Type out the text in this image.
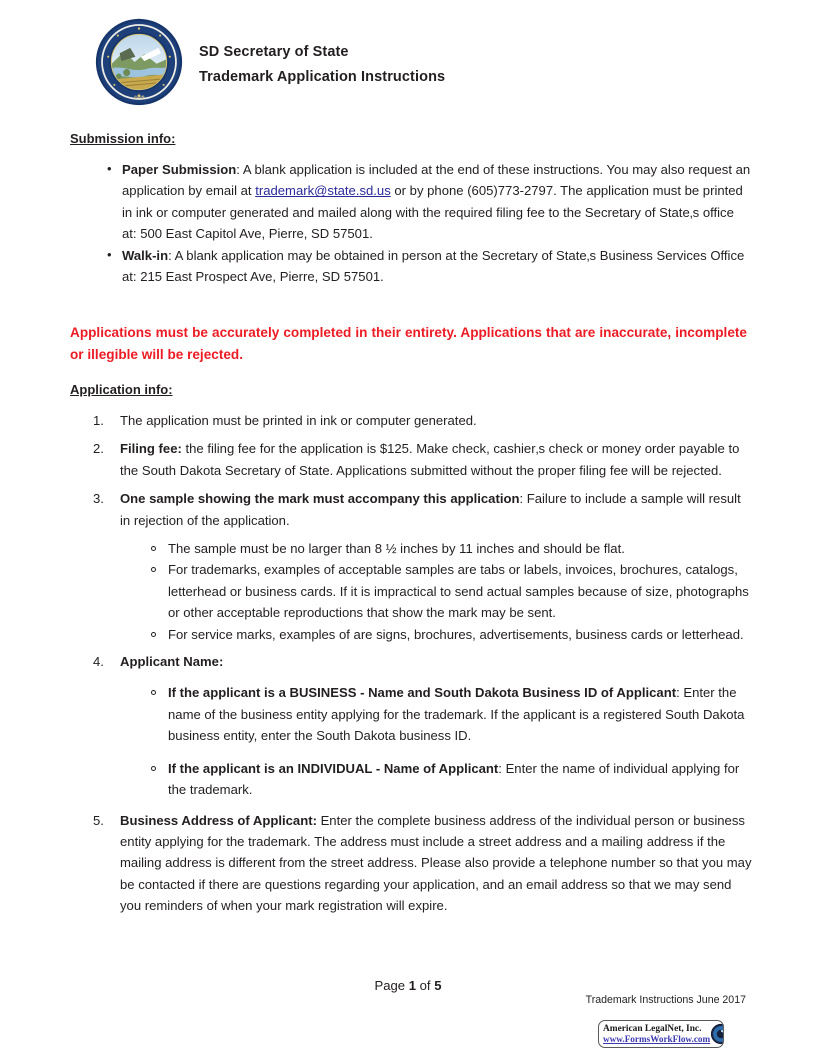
1889
SD Secretary of State
Trademark Application Instructions
Submission info:
• Paper Submission: A blank application is included at the end of these instructions. You may also request an application by email at trademark@state.sd.us or by phone (605)773-2797. The application must be printed in ink or computer generated and mailed along with the required filing fee to the Secretary of State‚s office at: 500 East Capitol Ave, Pierre, SD 57501.
• Walk-in: A blank application may be obtained in person at the Secretary of State‚s Business Services Office at: 215 East Prospect Ave, Pierre, SD 57501.
Applications must be accurately completed in their entirety. Applications that are inaccurate, incomplete or illegible will be rejected.
Application info:
1.	The application must be printed in ink or computer generated.
2.	Filing fee: the filing fee for the application is $125. Make check, cashier‚s check or money order payable to the South Dakota Secretary of State. Applications submitted without the proper filing fee will be rejected.
3.	One sample showing the mark must accompany this application: Failure to include a sample will result in rejection of the application.
The sample must be no larger than 8 ½ inches by 11 inches and should be flat.
For trademarks, examples of acceptable samples are tabs or labels, invoices, brochures, catalogs, letterhead or business cards. If it is impractical to send actual samples because of size, photographs or other acceptable reproductions that show the mark may be sent.
For service marks, examples of are signs, brochures, advertisements, business cards or letterhead.
4.	Applicant Name:
If the applicant is a BUSINESS - Name and South Dakota Business ID of Applicant: Enter the name of the business entity applying for the trademark. If the applicant is a registered South Dakota business entity, enter the South Dakota business ID.
If the applicant is an INDIVIDUAL - Name of Applicant: Enter the name of individual applying for the trademark.
5.	Business Address of Applicant: Enter the complete business address of the individual person or business entity applying for the trademark. The address must include a street address and a mailing address if the mailing address is different from the street address. Please also provide a telephone number so that you may be contacted if there are questions regarding your application, and an email address so that we may send you reminders of when your mark registration will expire.
Page 1 of 5
Trademark Instructions June 2017
American LegalNet, Inc.
www.FormsWorkFlow.com
